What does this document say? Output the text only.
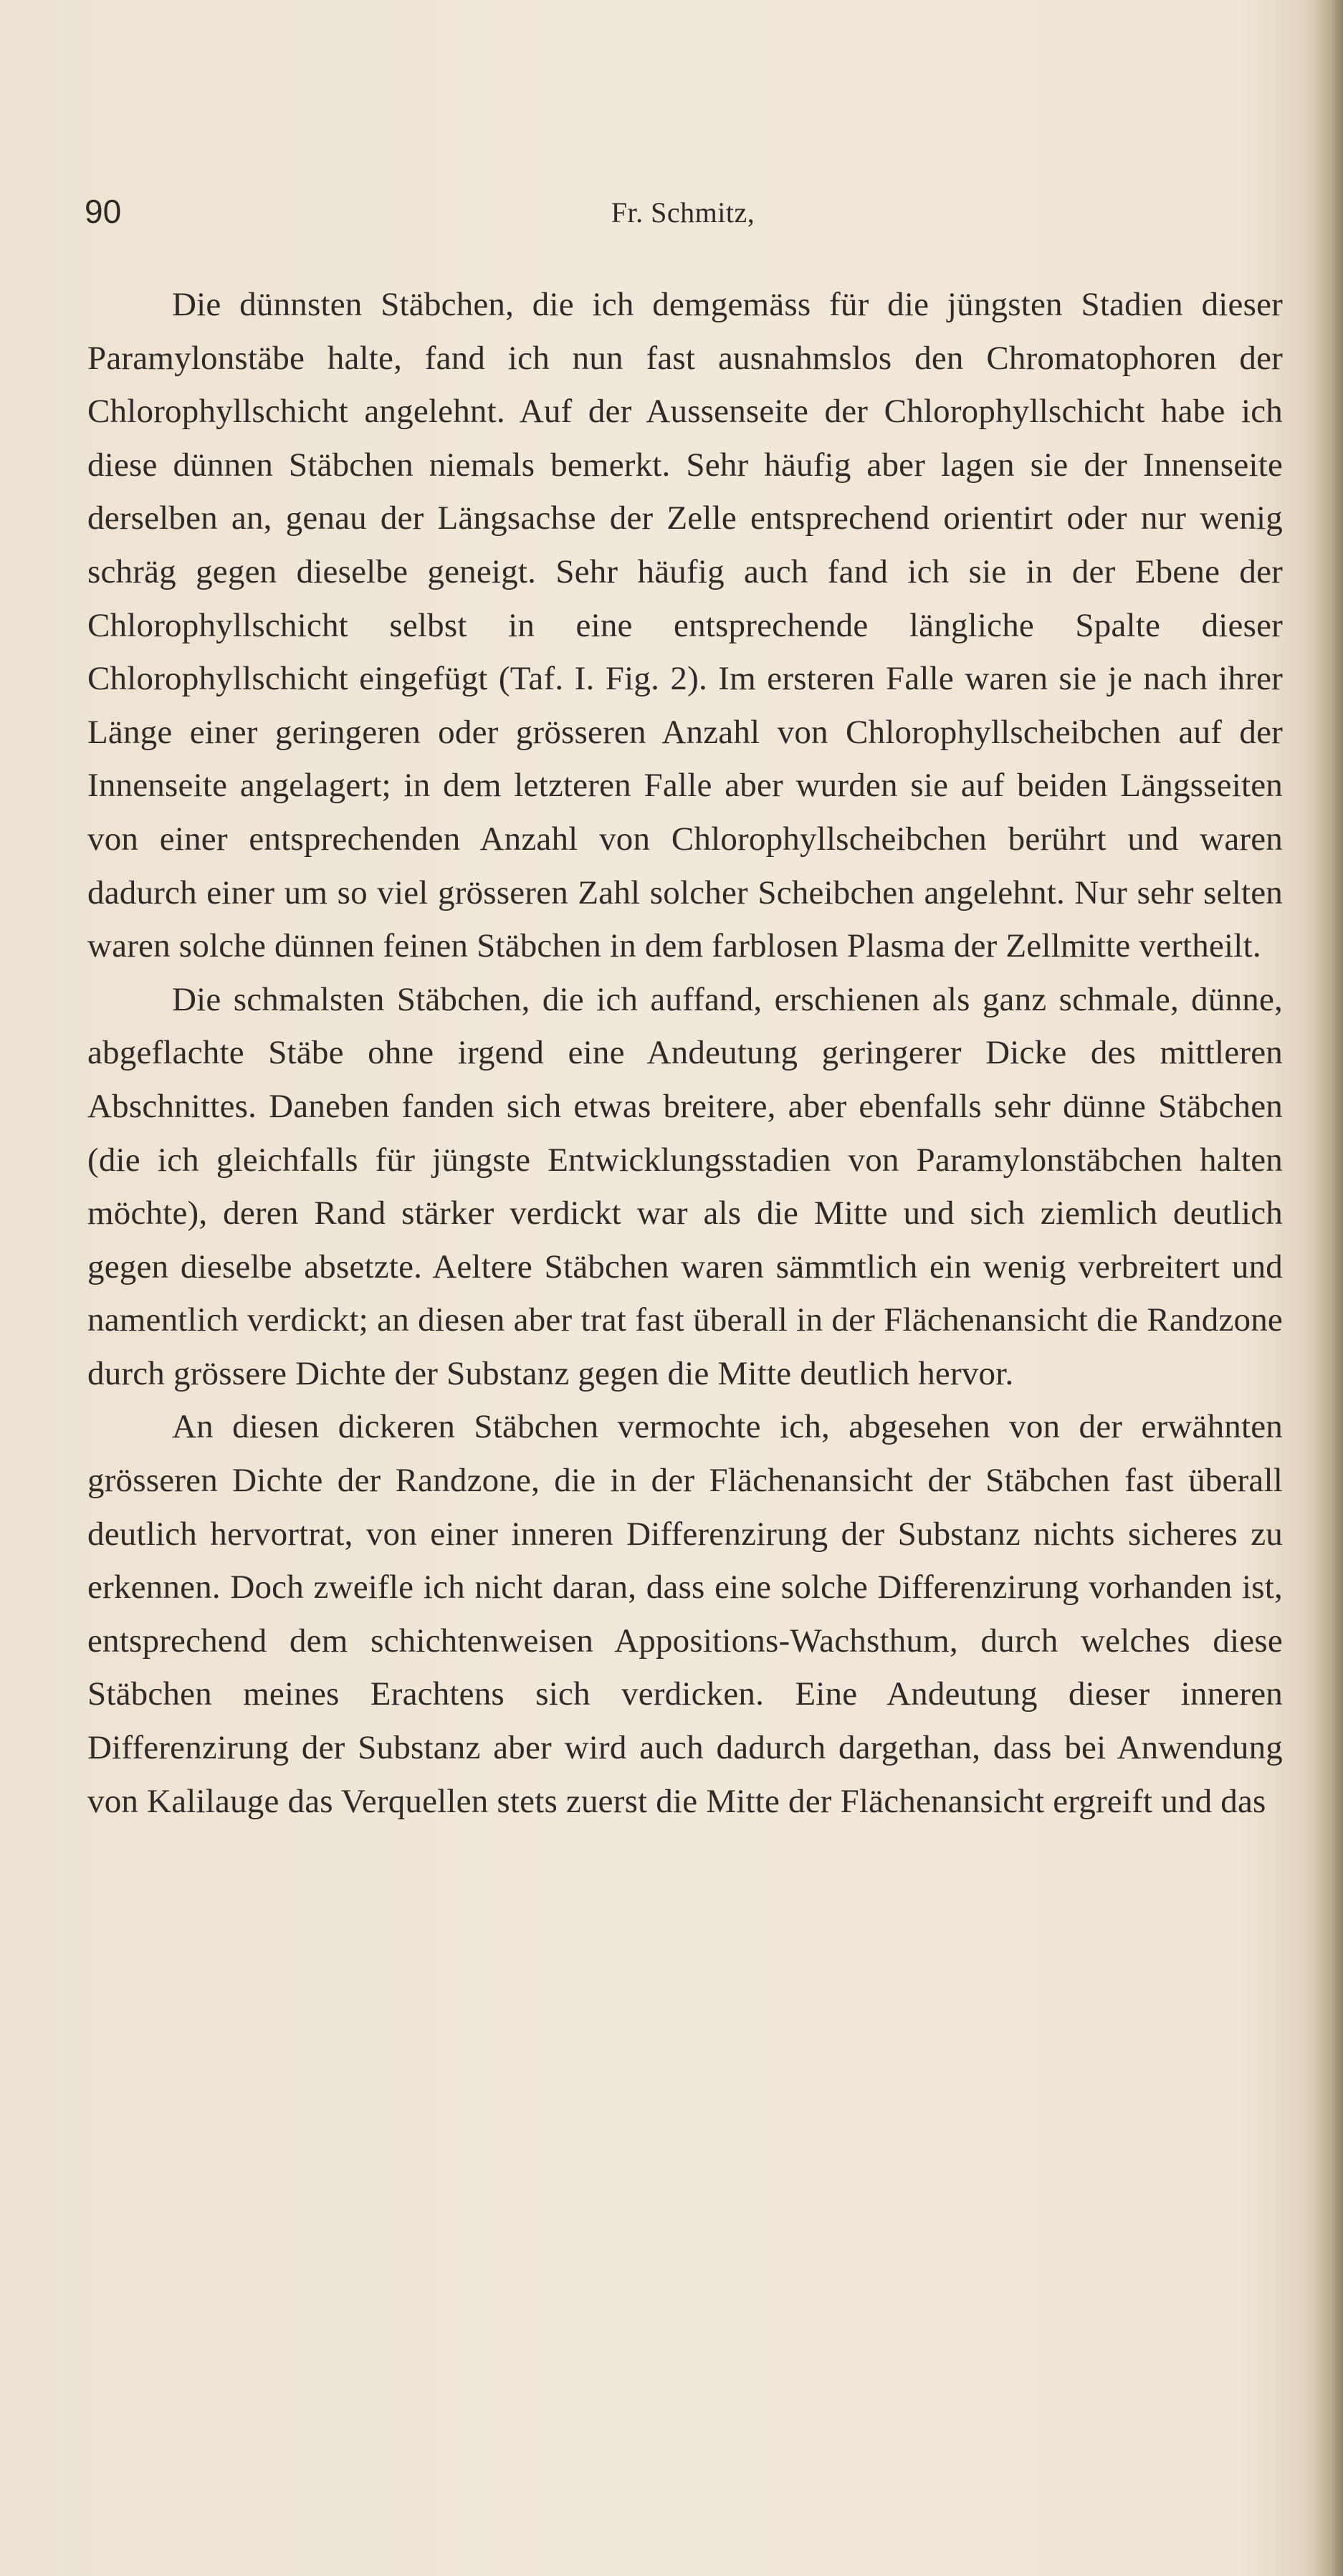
90	Fr. Schmitz,

Die dünnsten Stäbchen, die ich demgemäss für die jüngsten Stadien dieser Paramylonstäbe halte, fand ich nun fast ausnahmslos den Chromatophoren der Chlorophyllschicht angelehnt. Auf der Aussenseite der Chlorophyllschicht habe ich diese dünnen Stäbchen niemals bemerkt. Sehr häufig aber lagen sie der Innenseite derselben an, genau der Längsachse der Zelle entsprechend orientirt oder nur wenig schräg gegen dieselbe geneigt. Sehr häufig auch fand ich sie in der Ebene der Chlorophyllschicht selbst in eine entsprechende längliche Spalte dieser Chlorophyllschicht eingefügt (Taf. I. Fig. 2). Im ersteren Falle waren sie je nach ihrer Länge einer geringeren oder grösseren Anzahl von Chlorophyllscheibchen auf der Innenseite angelagert; in dem letzteren Falle aber wurden sie auf beiden Längsseiten von einer entsprechenden Anzahl von Chlorophyllscheibchen berührt und waren dadurch einer um so viel grösseren Zahl solcher Scheibchen angelehnt. Nur sehr selten waren solche dünnen feinen Stäbchen in dem farblosen Plasma der Zellmitte vertheilt.

Die schmalsten Stäbchen, die ich auffand, erschienen als ganz schmale, dünne, abgeflachte Stäbe ohne irgend eine Andeutung geringerer Dicke des mittleren Abschnittes. Daneben fanden sich etwas breitere, aber ebenfalls sehr dünne Stäbchen (die ich gleichfalls für jüngste Entwicklungsstadien von Paramylonstäbchen halten möchte), deren Rand stärker verdickt war als die Mitte und sich ziemlich deutlich gegen dieselbe absetzte. Aeltere Stäbchen waren sämmtlich ein wenig verbreitert und namentlich verdickt; an diesen aber trat fast überall in der Flächenansicht die Randzone durch grössere Dichte der Substanz gegen die Mitte deutlich hervor.

An diesen dickeren Stäbchen vermochte ich, abgesehen von der erwähnten grösseren Dichte der Randzone, die in der Flächenansicht der Stäbchen fast überall deutlich hervortrat, von einer inneren Differenzirung der Substanz nichts sicheres zu erkennen. Doch zweifle ich nicht daran, dass eine solche Differenzirung vorhanden ist, entsprechend dem schichtenweisen Appositions-Wachsthum, durch welches diese Stäbchen meines Erachtens sich verdicken. Eine Andeutung dieser inneren Differenzirung der Substanz aber wird auch dadurch dargethan, dass bei Anwendung von Kalilauge das Verquellen stets zuerst die Mitte der Flächenansicht ergreift und das
